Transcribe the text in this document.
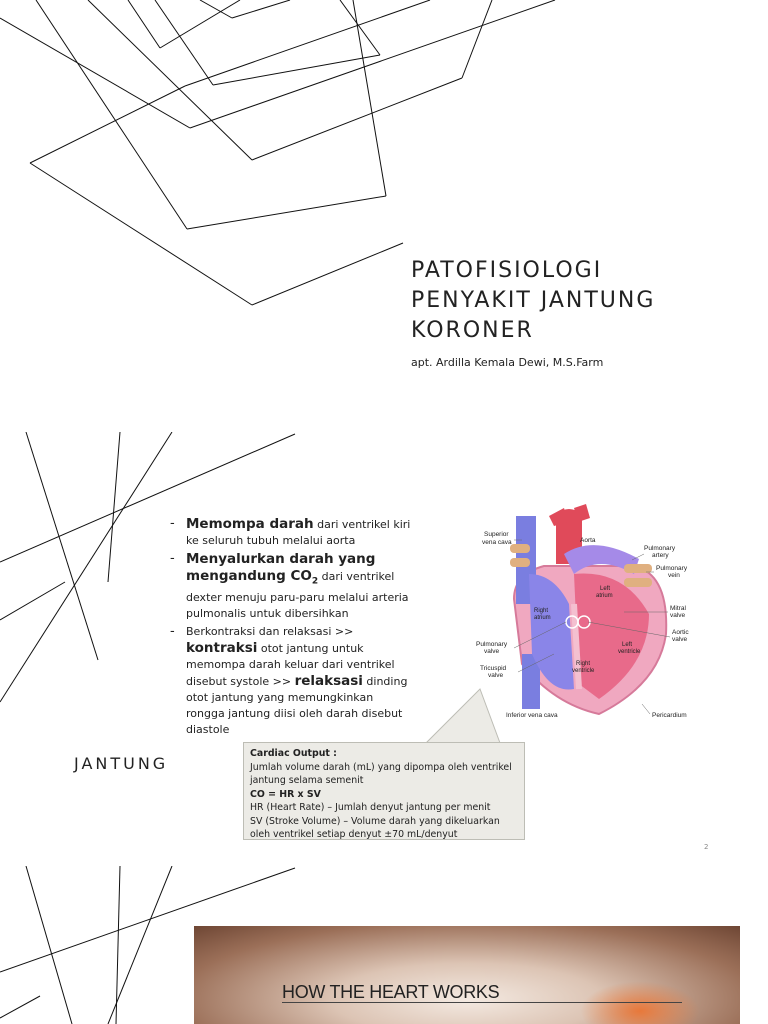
PATOFISIOLOGI
PENYAKIT JANTUNG
KORONER
apt. Ardilla Kemala Dewi, M.S.Farm
- Memompa darah dari ventrikel kiri ke seluruh tubuh melalui aorta
- Menyalurkan darah yang mengandung $CO_2$ dari ventrikel dexter menuju paru-paru melalui arteria pulmonalis untuk dibersihkan
- Berkontraksi dan relaksasi >> kontraksi otot jantung untuk memompa darah keluar dari ventrikel disebut systole >> relaksasi dinding otot jantung yang memungkinkan rongga jantung diisi oleh darah disebut diastole
JANTUNG
Right
atrium
Left
atrium
Right
ventricle
Left
ventricle
Superior
vena cava	Aorta
Pulmonary
artery
Pulmonary
vein
Mitral
valve
Aortic
valve
Pulmonary
valve
Tricuspid
valve
Inferior vena cava	Pericardium
Cardiac Output :
Jumlah volume darah (mL) yang dipompa oleh ventrikel jantung selama semenit
CO = HR x SV
HR (Heart Rate) – Jumlah denyut jantung per menit
SV (Stroke Volume) – Volume darah yang dikeluarkan oleh ventrikel setiap denyut ±70 mL/denyut
2
HOW THE HEART WORKS
